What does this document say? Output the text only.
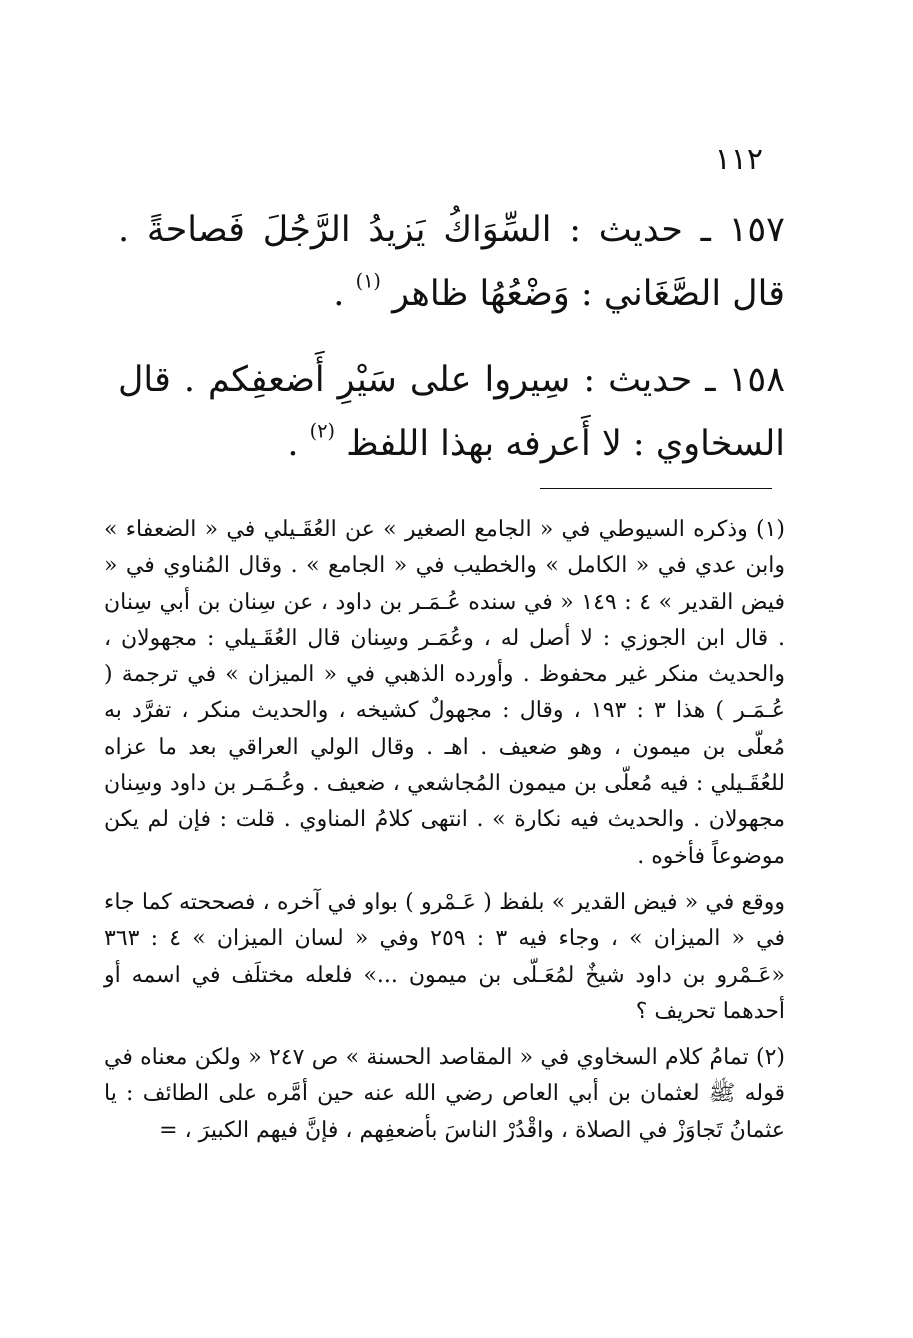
١١٢

١٥٧ ـ حديث : السِّوَاكُ يَزيدُ الرَّجُلَ فَصاحةً . قال الصَّغَاني : وَضْعُهُا ظاهر $^{(١)}$ .

١٥٨ ـ حديث : سِيروا على سَيْرِ أَضعفِكم . قال السخاوي : لا أَعرفه بهذا اللفظ $^{(٢)}$ .

(١) وذكره السيوطي في « الجامع الصغير » عن العُقَـيلي في « الضعفاء » وابن عدي في « الكامل » والخطيب في « الجامع » . وقال المُناوي في « فيض القدير » ٤ : ١٤٩ « في سنده عُـمَـر بن داود ، عن سِنان بن أبي سِنان . قال ابن الجوزي : لا أصل له ، وعُمَـر وسِنان قال العُقَـيلي : مجهولان ، والحديث منكر غير محفوظ . وأورده الذهبي في « الميزان » في ترجمة ( عُـمَـر ) هذا ٣ : ١٩٣ ، وقال : مجهولٌ كشيخه ، والحديث منكر ، تفرَّد به مُعلّى بن ميمون ، وهو ضعيف . اهـ . وقال الولي العراقي بعد ما عزاه للعُقَـيلي : فيه مُعلّى بن ميمون المُجاشعي ، ضعيف . وعُـمَـر بن داود وسِنان مجهولان . والحديث فيه نكارة » . انتهى كلامُ المناوي . قلت : فإن لم يكن موضوعاً فأخوه .

ووقع في « فيض القدير » بلفظ ( عَـمْرو ) بواو في آخره ، فصححته كما جاء في « الميزان » ، وجاء فيه ٣ : ٢٥٩ وفي « لسان الميزان » ٤ : ٣٦٣ «عَـمْرو بن داود شيخٌ لمُعَـلّى بن ميمون ...» فلعله مختلَف في اسمه أو أحدهما تحريف ؟

(٢) تمامُ كلام السخاوي في « المقاصد الحسنة » ص ٢٤٧ « ولكن معناه في قوله ﷺ لعثمان بن أبي العاص رضي الله عنه حين أمَّره على الطائف : يا عثمانُ تَجاوَزْ في الصلاة ، واقْدُرْ الناسَ بأضعفِهم ، فإنَّ فيهم الكبيرَ ، =
